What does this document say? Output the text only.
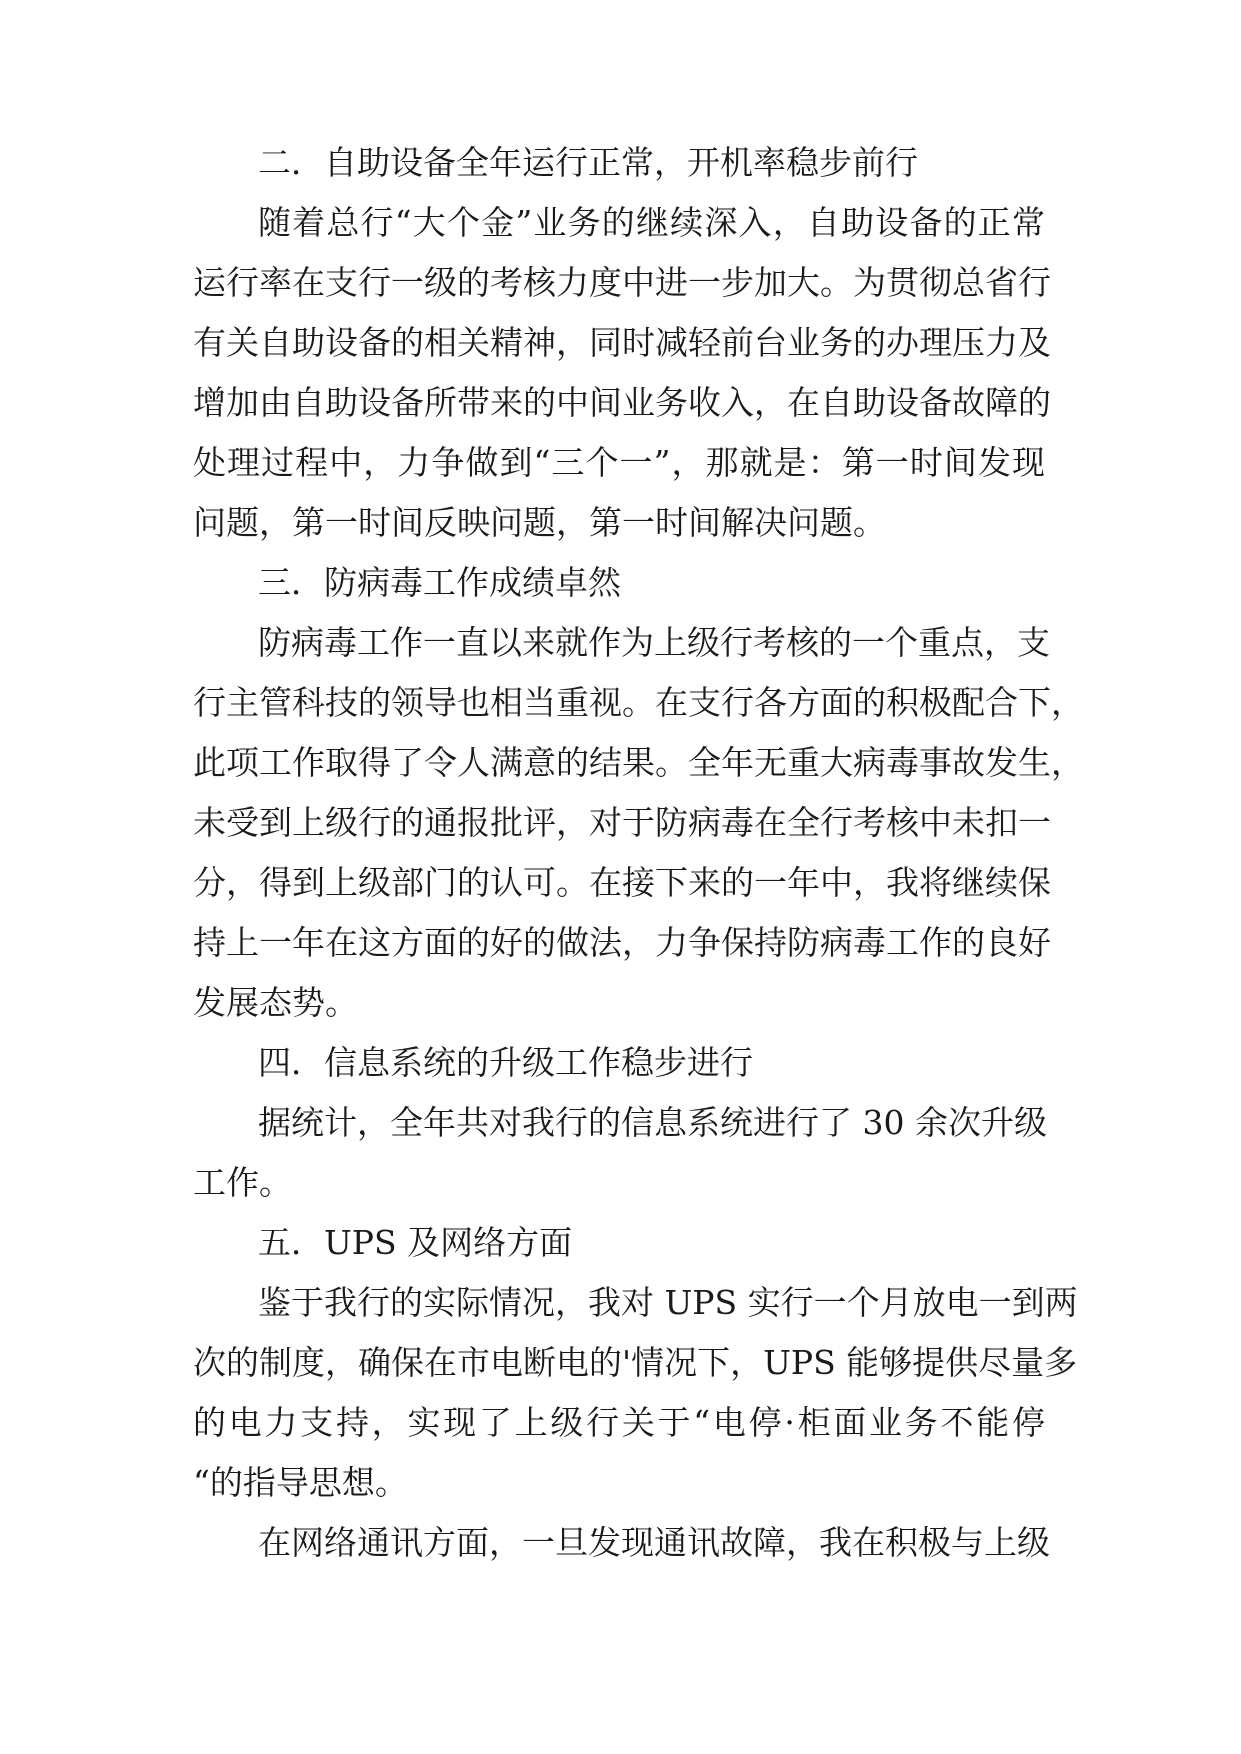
二．自助设备全年运行正常，开机率稳步前行
随着总行“大个金”业务的继续深入，自助设备的正常
运行率在支行一级的考核力度中进一步加大。为贯彻总省行
有关自助设备的相关精神，同时减轻前台业务的办理压力及
增加由自助设备所带来的中间业务收入，在自助设备故障的
处理过程中，力争做到“三个一”，那就是：第一时间发现
问题，第一时间反映问题，第一时间解决问题。
三．防病毒工作成绩卓然
防病毒工作一直以来就作为上级行考核的一个重点，支
行主管科技的领导也相当重视。在支行各方面的积极配合下，
此项工作取得了令人满意的结果。全年无重大病毒事故发生，
未受到上级行的通报批评，对于防病毒在全行考核中未扣一
分，得到上级部门的认可。在接下来的一年中，我将继续保
持上一年在这方面的好的做法，力争保持防病毒工作的良好
发展态势。
四．信息系统的升级工作稳步进行
据统计，全年共对我行的信息系统进行了 30 余次升级
工作。
五．UPS 及网络方面
鉴于我行的实际情况，我对 UPS 实行一个月放电一到两
次的制度，确保在市电断电的'情况下，UPS 能够提供尽量多
的电力支持，实现了上级行关于“电停·柜面业务不能停
“的指导思想。
在网络通讯方面，一旦发现通讯故障，我在积极与上级
